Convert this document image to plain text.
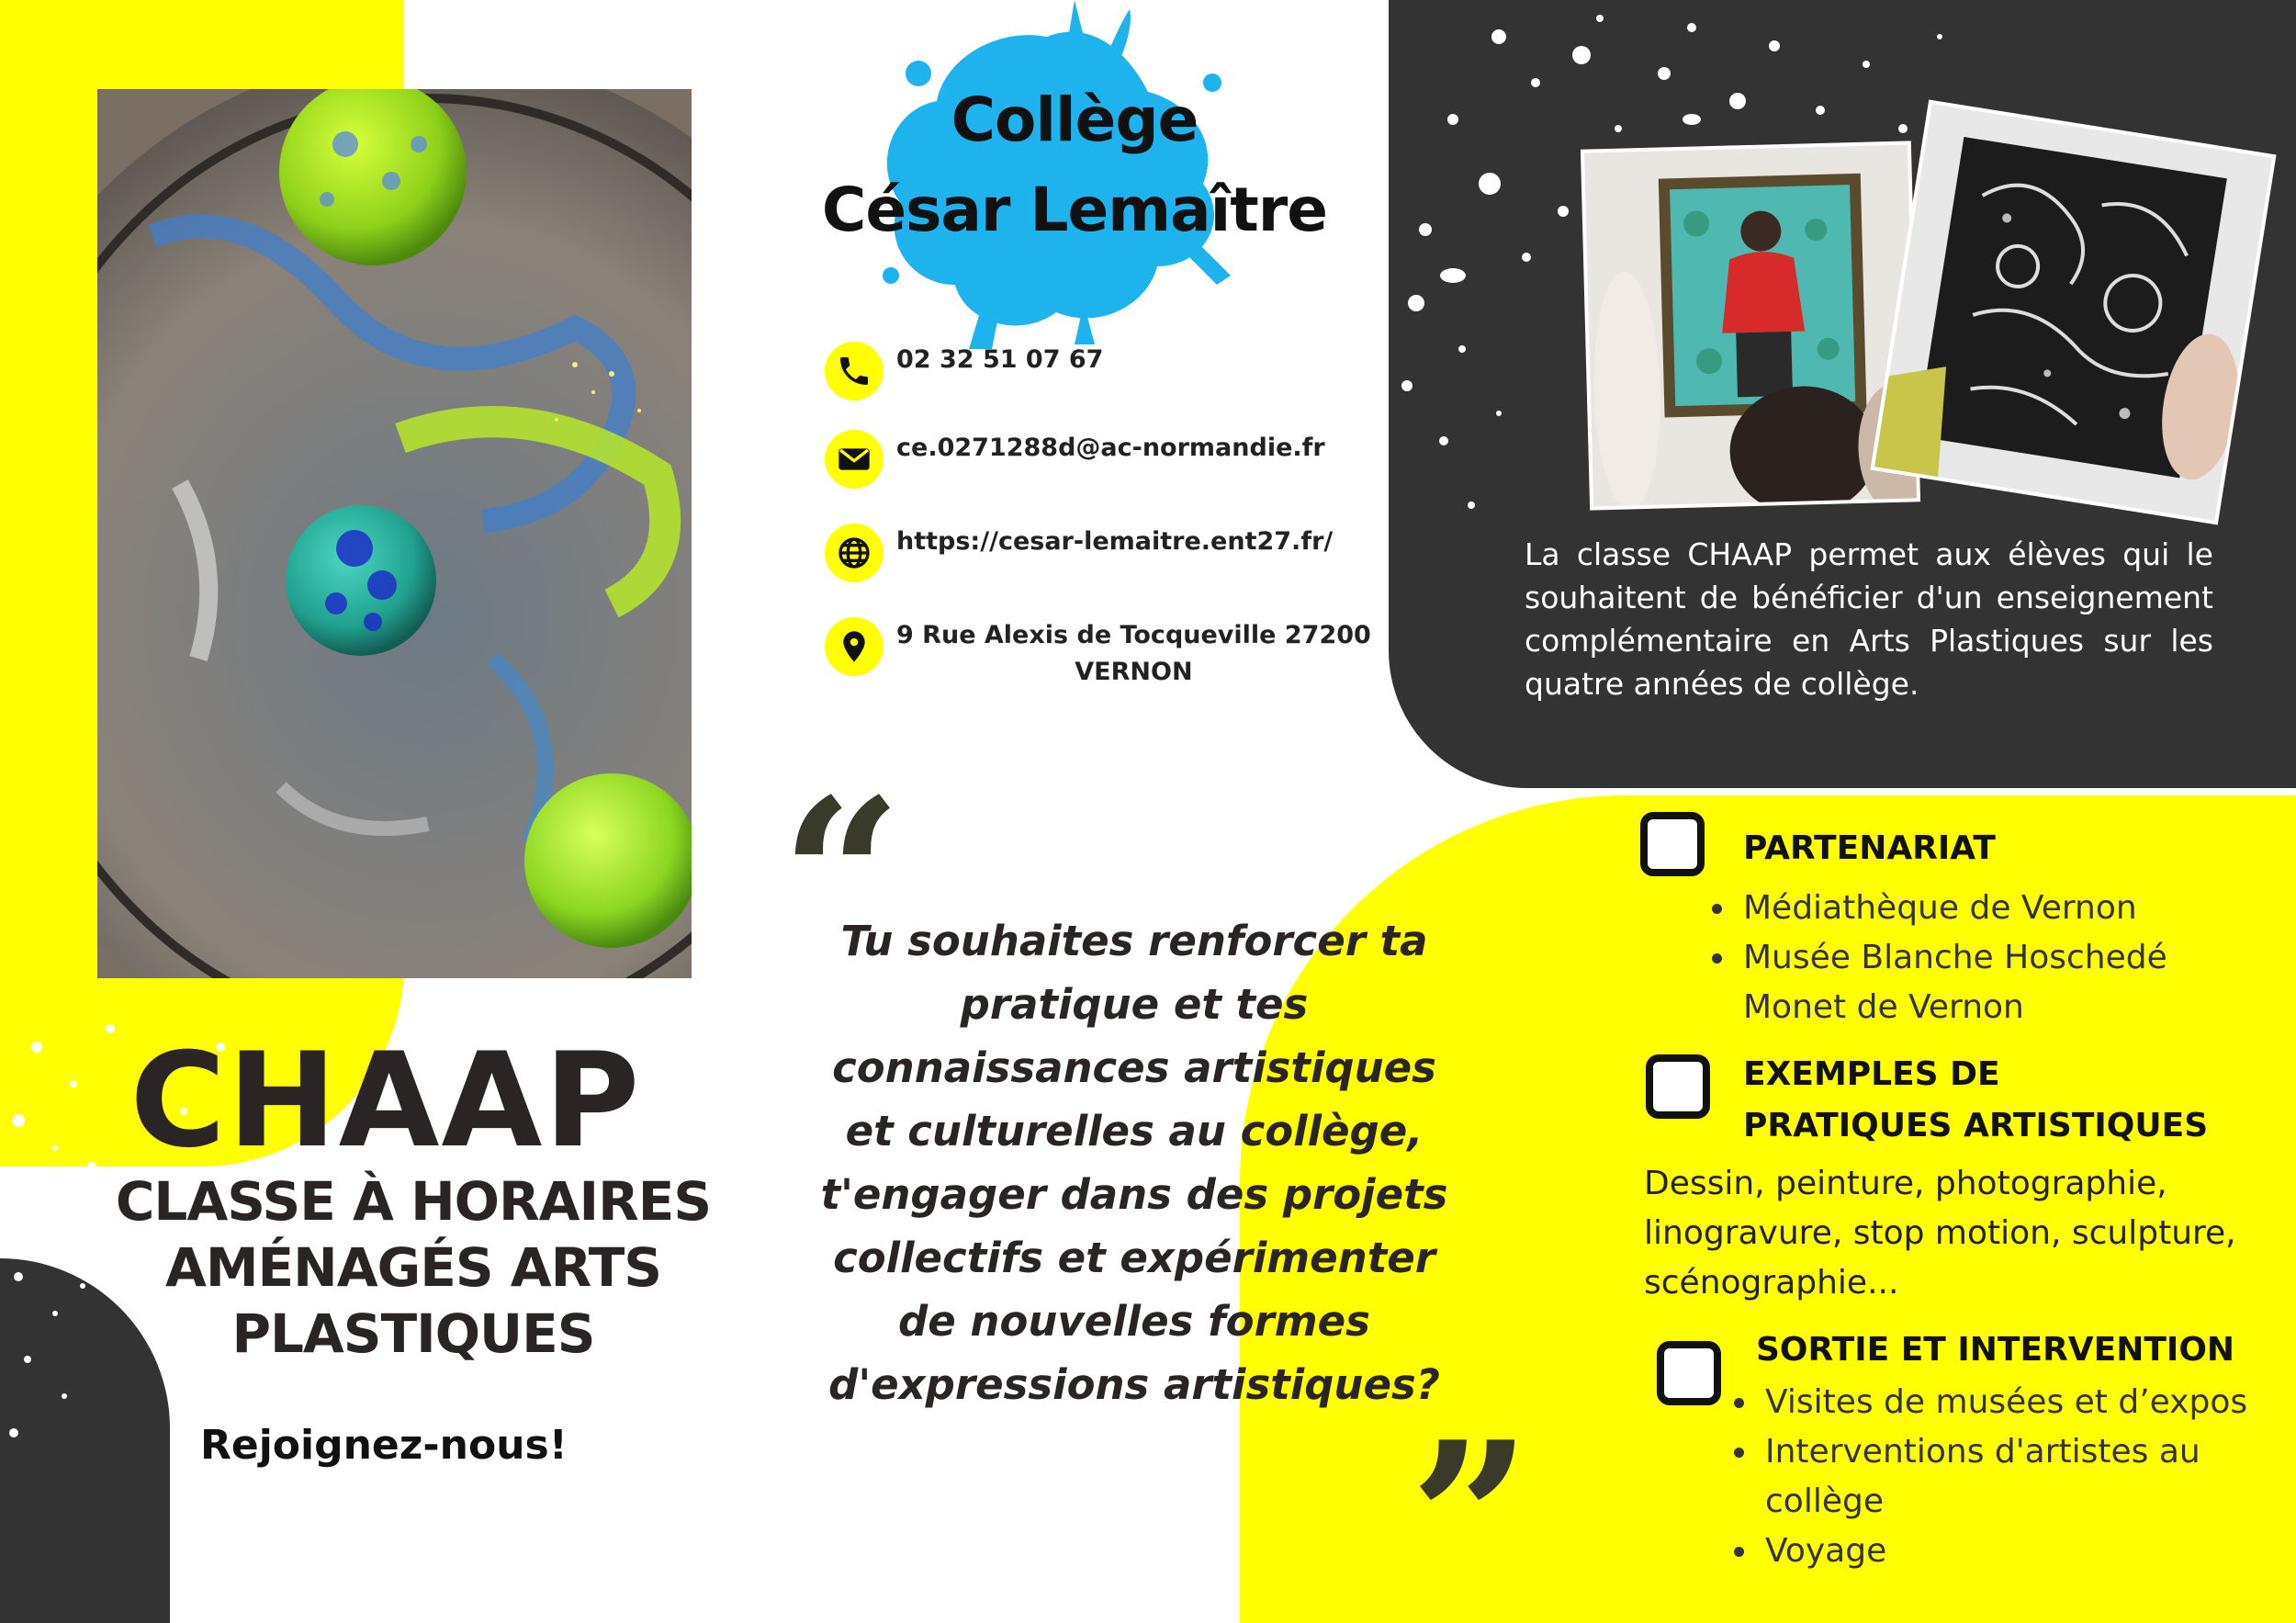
CHAAP
CLASSE À HORAIRES
AMÉNAGÉS ARTS
PLASTIQUES
Rejoignez-nous!
Collège
César Lemaître
02 32 51 07 67
ce.0271288d@ac-normandie.fr
https://cesar-lemaitre.ent27.fr/
9 Rue Alexis de Tocqueville 27200
VERNON
“
Tu souhaites renforcer ta
pratique et tes
connaissances artistiques
et culturelles au collège,
t'engager dans des projets
collectifs et expérimenter
de nouvelles formes
d'expressions artistiques?
”
La classe CHAAP permet aux élèves qui le souhaitent de bénéficier d'un enseignement complémentaire en Arts Plastiques sur les quatre années de collège.
PARTENARIAT
• Médiathèque de Vernon
• Musée Blanche Hoschedé Monet de Vernon
EXEMPLES DE
PRATIQUES ARTISTIQUES
Dessin, peinture, photographie, linogravure, stop motion, sculpture, scénographie...
SORTIE ET INTERVENTION
• Visites de musées et d’expos
• Interventions d'artistes au collège
• Voyage
